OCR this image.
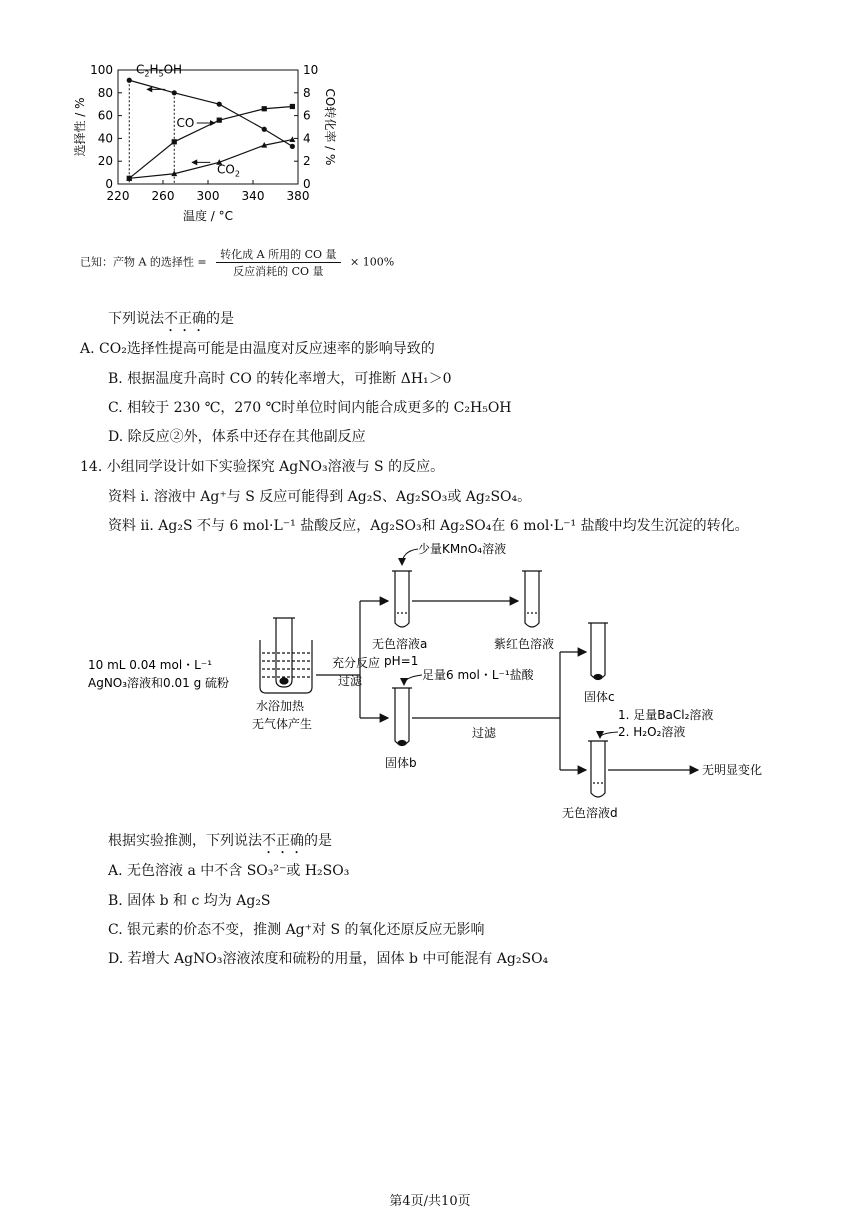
0
20
40
60
80
100
0
2
4
6
8
10
220 260 300 340 380
温度 / °C
选择性 / %	CO转化率 / %
$C_2H_5OH$
CO
$CO_2$
已知：产物 A 的选择性 =
转化成 A 所用的 CO 量
反应消耗的 CO 量
× 100%
下列说法不正确的是
A. CO₂选择性提高可能是由温度对反应速率的影响导致的
B. 根据温度升高时 CO 的转化率增大，可推断 ΔH₁＞0
C. 相较于 230 ℃，270 ℃时单位时间内能合成更多的 C₂H₅OH
D. 除反应②外，体系中还存在其他副反应
14. 小组同学设计如下实验探究 AgNO₃溶液与 S 的反应。
资料 i. 溶液中 Ag⁺与 S 反应可能得到 Ag₂S、Ag₂SO₃或 Ag₂SO₄。
资料 ii. Ag₂S 不与 6 mol·L⁻¹ 盐酸反应，Ag₂SO₃和 Ag₂SO₄在 6 mol·L⁻¹ 盐酸中均发生沉淀的转化。
10 mL 0.04 mol・L⁻¹
AgNO₃溶液和0.01 g 硫粉
水浴加热
无气体产生
充分反应
过滤
少量KMnO₄溶液
无色溶液a
pH=1
紫红色溶液
足量6 mol・L⁻¹盐酸
固体b
过滤
固体c
1. 足量BaCl₂溶液
2. H₂O₂溶液
无色溶液d
无明显变化
根据实验推测，下列说法不正确的是
A. 无色溶液 a 中不含 SO₃²⁻或 H₂SO₃
B. 固体 b 和 c 均为 Ag₂S
C. 银元素的价态不变，推测 Ag⁺对 S 的氧化还原反应无影响
D. 若增大 AgNO₃溶液浓度和硫粉的用量，固体 b 中可能混有 Ag₂SO₄
第4页/共10页
